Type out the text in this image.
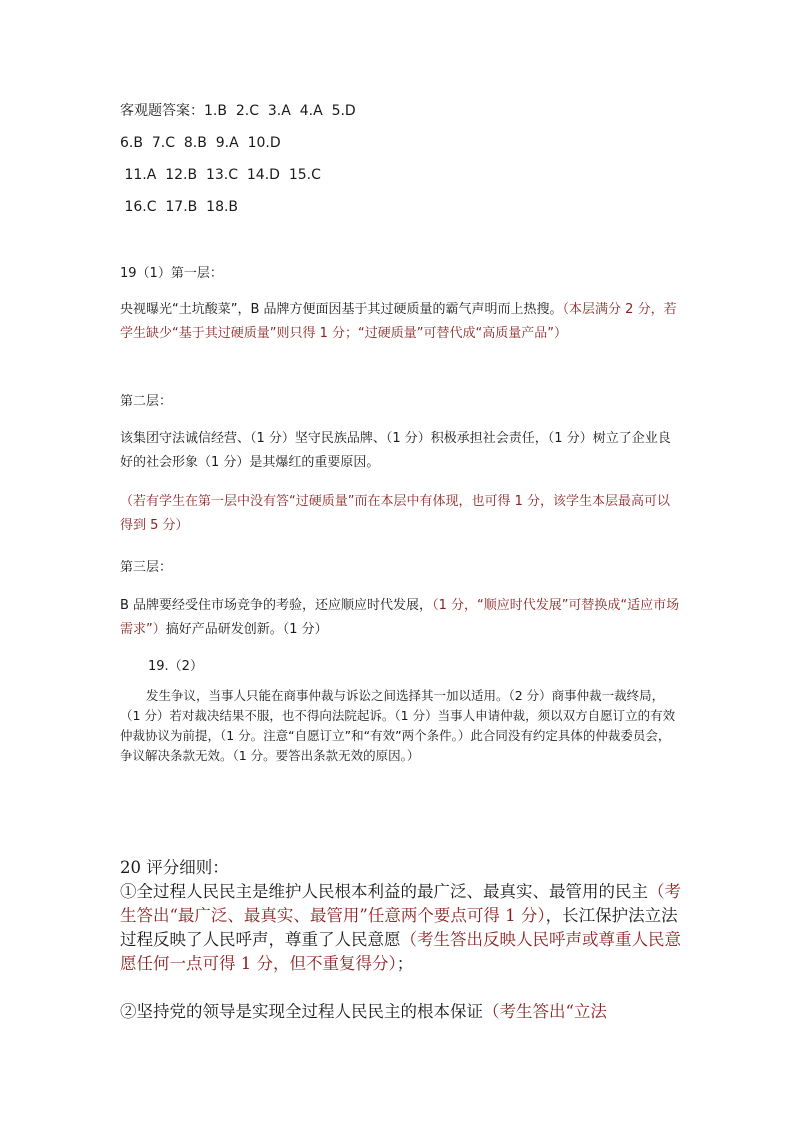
客观题答案：1.B  2.C  3.A  4.A  5.D
6.B  7.C  8.B  9.A  10.D
11.A  12.B  13.C  14.D  15.C
16.C  17.B  18.B
19（1）第一层：
央视曝光“土坑酸菜”，B 品牌方便面因基于其过硬质量的霸气声明而上热搜。（本层满分 2 分，若学生缺少“基于其过硬质量”则只得 1 分；“过硬质量”可替代成“高质量产品”）
第二层：
该集团守法诚信经营、（1 分）坚守民族品牌、（1 分）积极承担社会责任，（1 分）树立了企业良好的社会形象（1 分）是其爆红的重要原因。
（若有学生在第一层中没有答“过硬质量”而在本层中有体现，也可得 1 分，该学生本层最高可以得到 5 分）
第三层：
B 品牌要经受住市场竞争的考验，还应顺应时代发展，（1 分，“顺应时代发展”可替换成“适应市场需求”）搞好产品研发创新。（1 分）
19.（2）
发生争议，当事人只能在商事仲裁与诉讼之间选择其一加以适用。（2 分）商事仲裁一裁终局，（1 分）若对裁决结果不服，也不得向法院起诉。（1 分）当事人申请仲裁，须以双方自愿订立的有效仲裁协议为前提，（1 分。注意“自愿订立”和“有效”两个条件。）此合同没有约定具体的仲裁委员会，争议解决条款无效。（1 分。要答出条款无效的原因。）
20 评分细则：
①全过程人民民主是维护人民根本利益的最广泛、最真实、最管用的民主（考生答出“最广泛、最真实、最管用”任意两个要点可得 1 分），长江保护法立法过程反映了人民呼声，尊重了人民意愿（考生答出反映人民呼声或尊重人民意愿任何一点可得 1 分，但不重复得分）；
②坚持党的领导是实现全过程人民民主的根本保证（考生答出“立法
